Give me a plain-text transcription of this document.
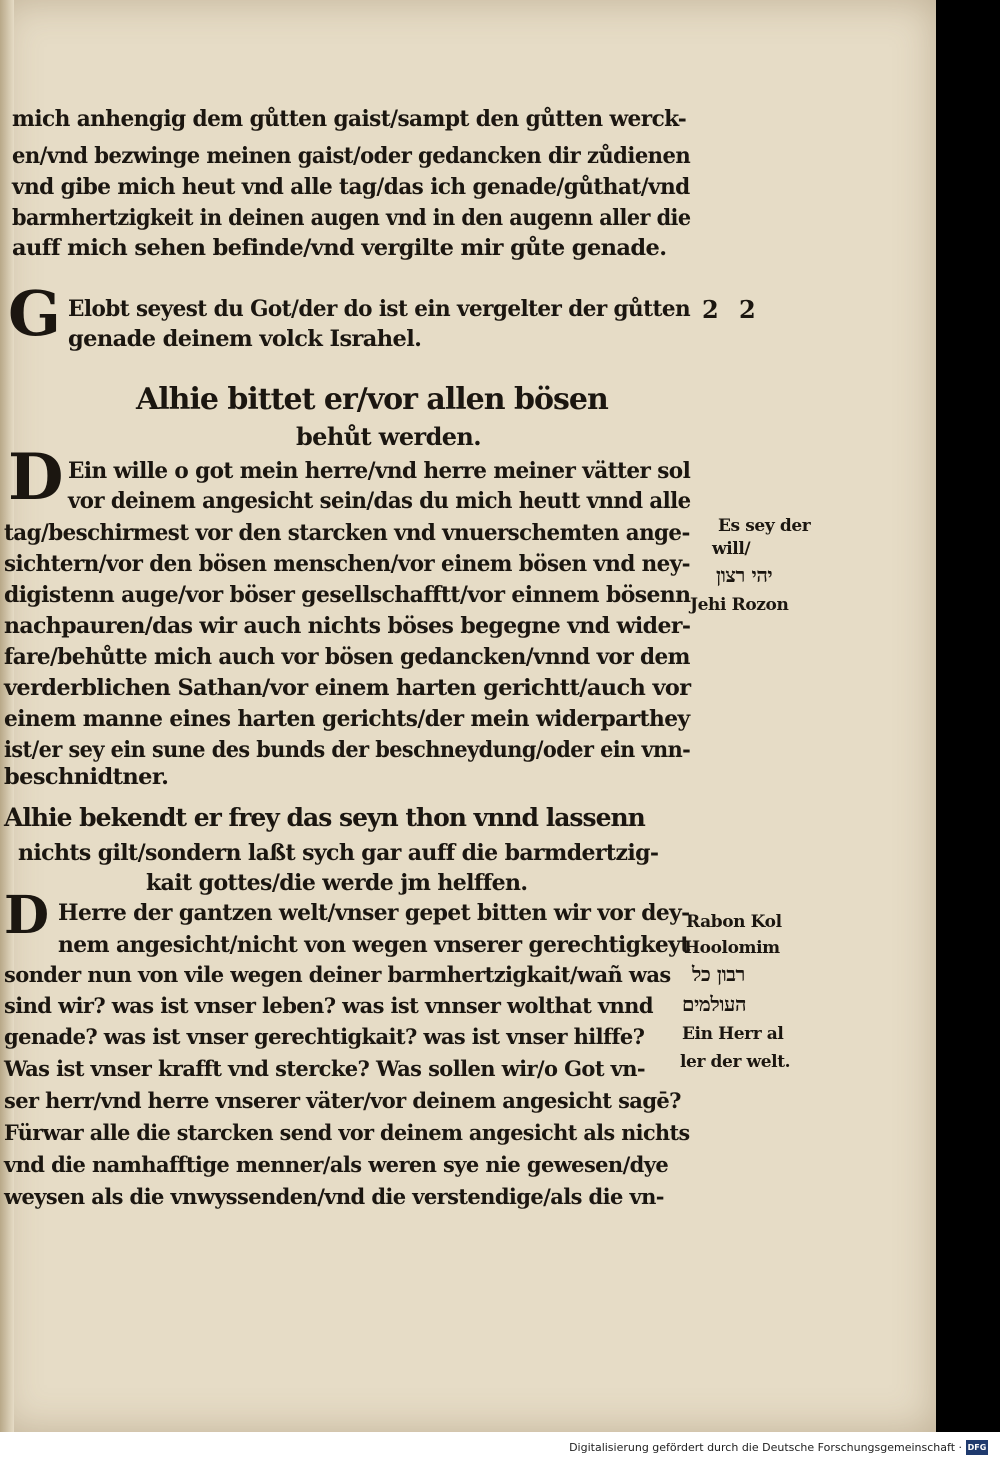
mich anhengig dem gůtten gaist/sampt den gůtten werck-
en/vnd bezwinge meinen gaist/oder gedancken dir zůdienen
vnd gibe mich heut vnd alle tag/das ich genade/gůthat/vnd
barmhertzigkeit in deinen augen vnd in den augenn aller die
auff mich sehen befinde/vnd vergilte mir gůte genade.
G Elobt seyest du Got/der do ist ein vergelter der gůtten
genade deinem volck Israhel.
2 2
Alhie bittet er/vor allen bösen
behůt werden.
D Ein wille o got mein herre/vnd herre meiner vätter sol
vor deinem angesicht sein/das du mich heutt vnnd alle
tag/beschirmest vor den starcken vnd vnuerschemten ange-
sichtern/vor den bösen menschen/vor einem bösen vnd ney-
digistenn auge/vor böser gesellschafftt/vor einnem bösenn
nachpauren/das wir auch nichts böses begegne vnd wider-
fare/behůtte mich auch vor bösen gedancken/vnnd vor dem
verderblichen Sathan/vor einem harten gerichtt/auch vor
einem manne eines harten gerichts/der mein widerparthey
ist/er sey ein sune des bunds der beschneydung/oder ein vnn-
beschnidtner.
Es sey der
will/
יהי רצון
Jehi Rozon
Alhie bekendt er frey das seyn thon vnnd lassenn
nichts gilt/sondern laßt sych gar auff die barmdertzig-
kait gottes/die werde jm helffen.
D Herre der gantzen welt/vnser gepet bitten wir vor dey-
nem angesicht/nicht von wegen vnserer gerechtigkeyt
sonder nun von vile wegen deiner barmhertzigkait/wañ was
sind wir? was ist vnser leben? was ist vnnser wolthat vnnd
genade? was ist vnser gerechtigkait? was ist vnser hilffe?
Was ist vnser krafft vnd stercke? Was sollen wir/o Got vn-
ser herr/vnd herre vnserer väter/vor deinem angesicht sagē?
Fürwar alle die starcken send vor deinem angesicht als nichts
vnd die namhafftige menner/als weren sye nie gewesen/dye
weysen als die vnwyssenden/vnd die verstendige/als die vn-
Rabon Kol
Hoolomim
רבון כל
העולמים
Ein Herr al
ler der welt.
Digitalisierung gefördert durch die Deutsche Forschungsgemeinschaft · DFG
